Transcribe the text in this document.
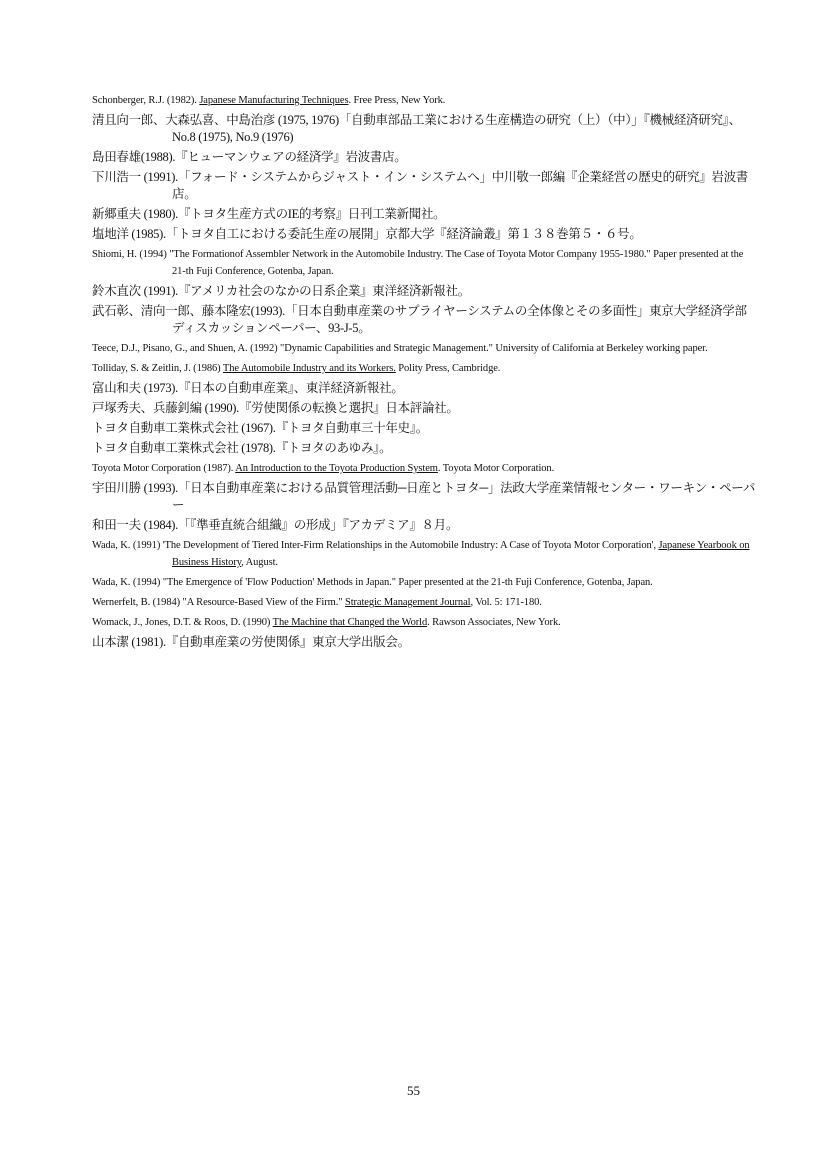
Schonberger, R.J. (1982). Japanese Manufacturing Techniques. Free Press, New York.
清且向一郎、大森弘喜、中島治彦 (1975, 1976)「自動車部品工業における生産構造の研究（上）（中）」『機械経済研究』、No.8 (1975), No.9 (1976)
島田春雄(1988).『ヒューマンウェアの経済学』岩波書店。
下川浩一 (1991).「フォード・システムからジャスト・イン・システムへ」中川敬一郎編『企業経営の歴史的研究』岩波書店。
新郷重夫 (1980).『トヨタ生産方式のIE的考察』日刊工業新聞社。
塩地洋 (1985).「トヨタ自工における委託生産の展開」京都大学『経済論叢』第１３８巻第５・６号。
Shiomi, H. (1994) "The Formationof Assembler Network in the Automobile Industry. The Case of Toyota Motor Company 1955-1980." Paper presented at the 21-th Fuji Conference, Gotenba, Japan.
鈴木直次 (1991).『アメリカ社会のなかの日系企業』東洋経済新報社。
武石彰、清向一郎、藤本隆宏(1993).「日本自動車産業のサプライヤーシステムの全体像とその多面性」東京大学経済学部ディスカッションペーパー、93-J-5。
Teece, D.J., Pisano, G., and Shuen, A. (1992) "Dynamic Capabilities and Strategic Management." University of California at Berkeley working paper.
Tolliday, S. & Zeitlin, J. (1986) The Automobile Industry and its Workers. Polity Press, Cambridge.
富山和夫 (1973).『日本の自動車産業』、東洋経済新報社。
戸塚秀夫、兵藤釗編 (1990).『労使関係の転換と選択』日本評論社。
トヨタ自動車工業株式会社 (1967).『トヨタ自動車三十年史』。
トヨタ自動車工業株式会社 (1978).『トヨタのあゆみ』。
Toyota Motor Corporation (1987). An Introduction to the Toyota Production System. Toyota Motor Corporation.
宇田川勝 (1993).「日本自動車産業における品質管理活動─日産とトヨタ─」法政大学産業情報センター・ワーキン・ペーパー
和田一夫 (1984).「『準垂直統合組織』の形成」『アカデミア』８月。
Wada, K. (1991) 'The Development of Tiered Inter-Firm Relationships in the Automobile Industry: A Case of Toyota Motor Corporation', Japanese Yearbook on Business History, August.
Wada, K. (1994) "The Emergence of 'Flow Poduction' Methods in Japan." Paper presented at the 21-th Fuji Conference, Gotenba, Japan.
Wernerfelt, B. (1984) "A Resource-Based View of the Firm." Strategic Management Journal, Vol. 5: 171-180.
Womack, J., Jones, D.T. & Roos, D. (1990) The Machine that Changed the World. Rawson Associates, New York.
山本潔 (1981).『自動車産業の労使関係』東京大学出版会。
55
